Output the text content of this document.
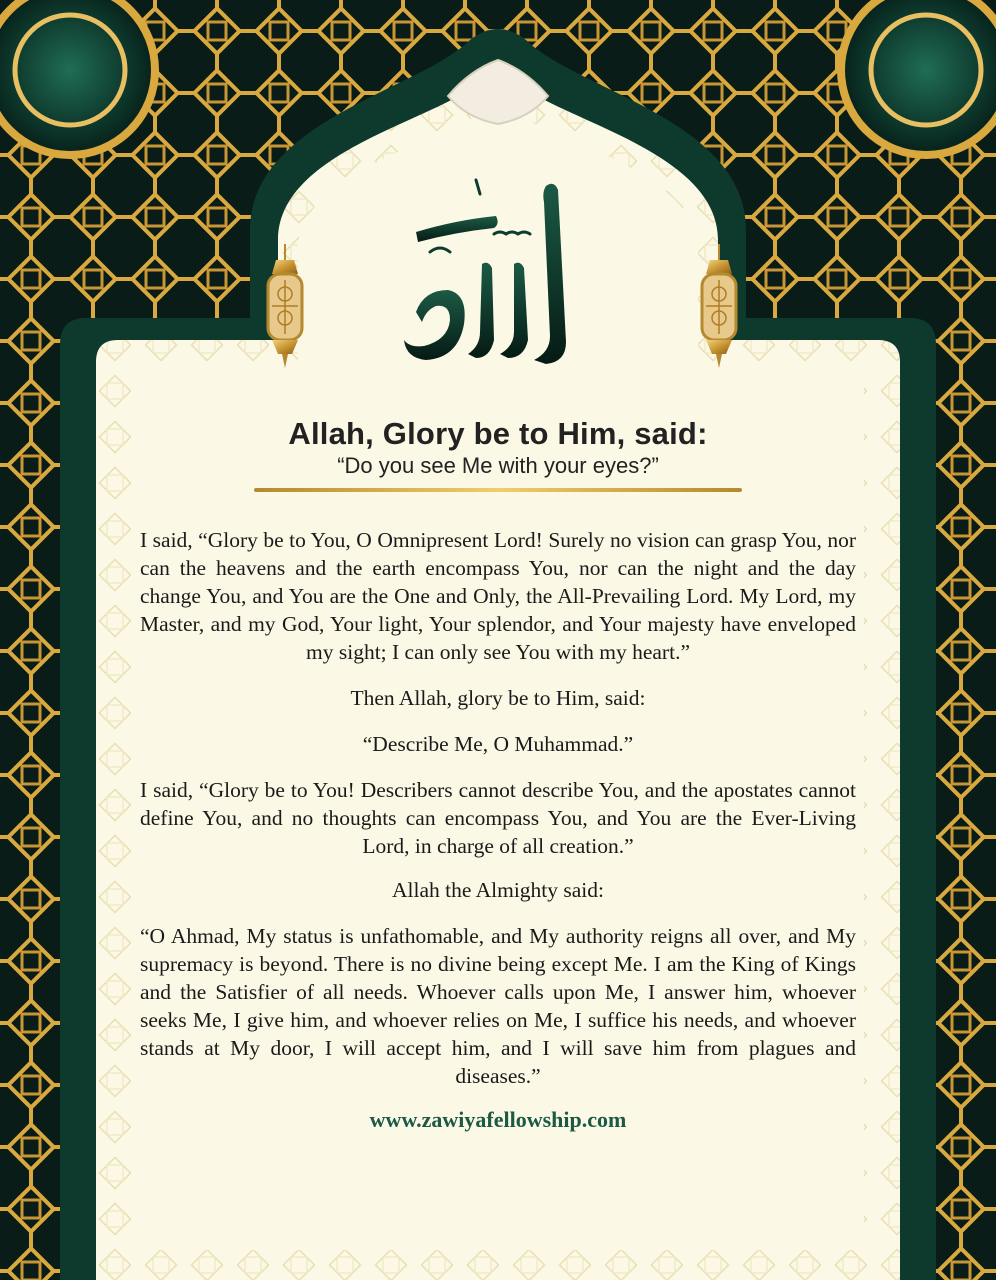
Allah, Glory be to Him, said:

“Do you see Me with your eyes?”

I said, “Glory be to You, O Omnipresent Lord! Surely no vision can grasp You, nor can the heavens and the earth encompass You, nor can the night and the day change You, and You are the One and Only, the All-Prevailing Lord. My Lord, my Master, and my God, Your light, Your splendor, and Your majesty have enveloped my sight; I can only see You with my heart.”

Then Allah, glory be to Him, said:

“Describe Me, O Muhammad.”

I said, “Glory be to You! Describers cannot describe You, and the apostates cannot define You, and no thoughts can encompass You, and You are the Ever-Living Lord, in charge of all creation.”

Allah the Almighty said:

“O Ahmad, My status is unfathomable, and My authority reigns all over, and My supremacy is beyond. There is no divine being except Me. I am the King of Kings and the Satisfier of all needs. Whoever calls upon Me, I answer him, whoever seeks Me, I give him, and whoever relies on Me, I suffice his needs, and whoever stands at My door, I will accept him, and I will save him from plagues and diseases.”

www.zawiyafellowship.com
